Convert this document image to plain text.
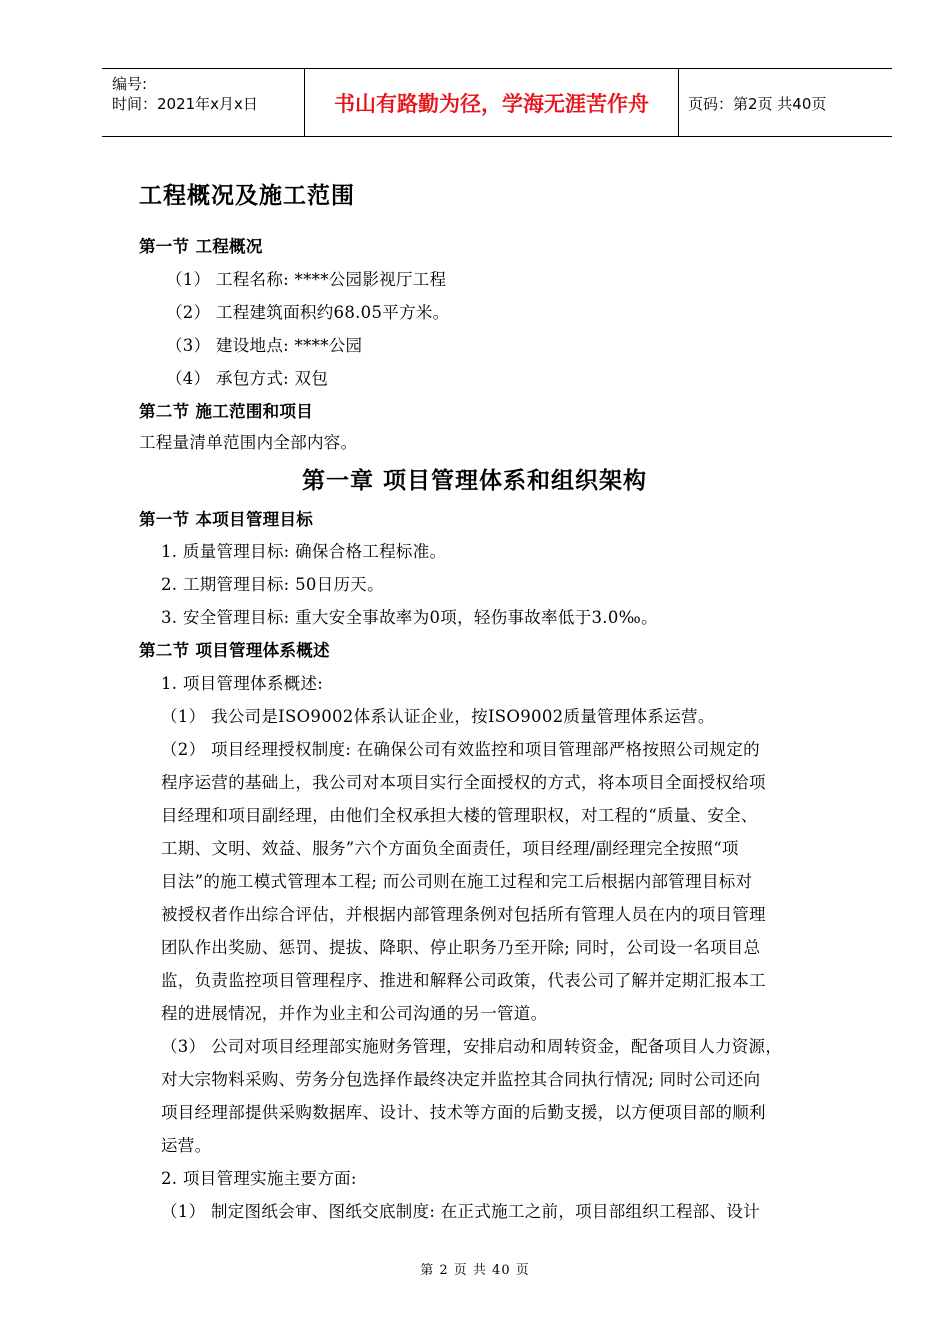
编号:
时间：2021年x月x日	书山有路勤为径，学海无涯苦作舟	页码：第2页 共40页
工程概况及施工范围
第一节 工程概况
（1） 工程名称: ****公园影视厅工程
（2） 工程建筑面积约68.05平方米。
（3） 建设地点: ****公园
（4） 承包方式: 双包
第二节 施工范围和项目
工程量清单范围内全部内容。
第一章 项目管理体系和组织架构
第一节 本项目管理目标
1. 质量管理目标: 确保合格工程标准。
2. 工期管理目标: 50日历天。
3. 安全管理目标: 重大安全事故率为0项，轻伤事故率低于3.0‰。
第二节 项目管理体系概述
1. 项目管理体系概述:
（1） 我公司是ISO9002体系认证企业，按ISO9002质量管理体系运营。
（2） 项目经理授权制度: 在确保公司有效监控和项目管理部严格按照公司规定的
程序运营的基础上，我公司对本项目实行全面授权的方式，将本项目全面授权给项
目经理和项目副经理，由他们全权承担大楼的管理职权，对工程的“质量、安全、
工期、文明、效益、服务”六个方面负全面责任，项目经理/副经理完全按照“项
目法”的施工模式管理本工程; 而公司则在施工过程和完工后根据内部管理目标对
被授权者作出综合评估，并根据内部管理条例对包括所有管理人员在内的项目管理
团队作出奖励、惩罚、提拔、降职、停止职务乃至开除; 同时，公司设一名项目总
监，负责监控项目管理程序、推进和解释公司政策，代表公司了解并定期汇报本工
程的进展情况，并作为业主和公司沟通的另一管道。
（3） 公司对项目经理部实施财务管理，安排启动和周转资金，配备项目人力资源，
对大宗物料采购、劳务分包选择作最终决定并监控其合同执行情况; 同时公司还向
项目经理部提供采购数据库、设计、技术等方面的后勤支援，以方便项目部的顺利
运营。
2. 项目管理实施主要方面:
（1） 制定图纸会审、图纸交底制度: 在正式施工之前，项目部组织工程部、设计
第 2 页 共 40 页
